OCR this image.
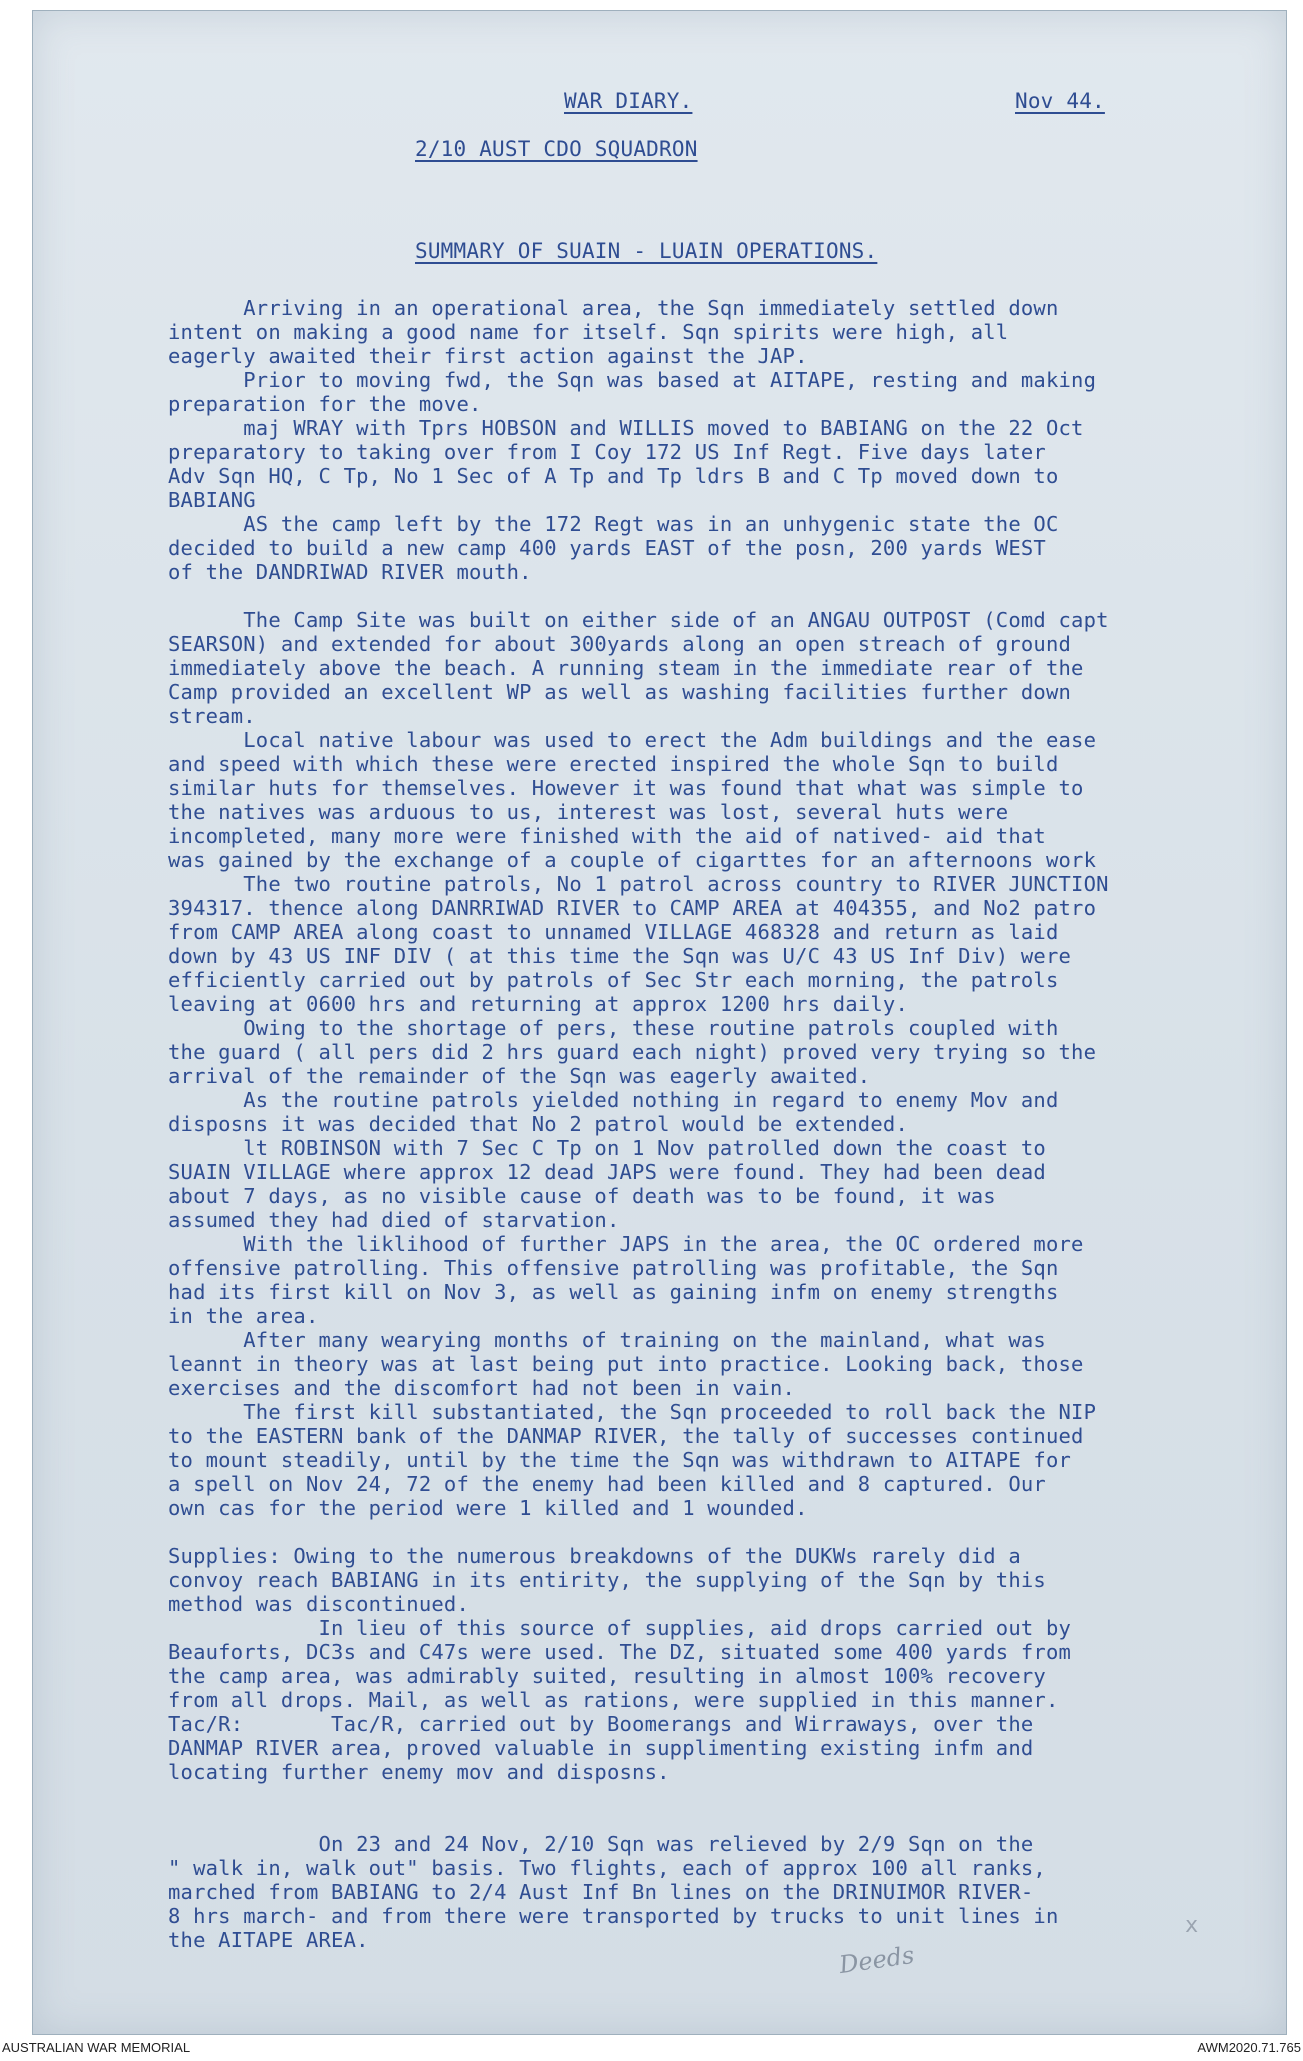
WAR DIARY.	Nov 44.
2/10 AUST CDO SQUADRON
SUMMARY OF SUAIN - LUAIN OPERATIONS.
Arriving in an operational area, the Sqn immediately settled down
intent on making a good name for itself. Sqn spirits were high, all
eagerly awaited their first action against the JAP.
Prior to moving fwd, the Sqn was based at AITAPE, resting and making
preparation for the move.
maj WRAY with Tprs HOBSON and WILLIS moved to BABIANG on the 22 Oct
preparatory to taking over from I Coy 172 US Inf Regt. Five days later
Adv Sqn HQ, C Tp, No 1 Sec of A Tp and Tp ldrs B and C Tp moved down to
BABIANG
AS the camp left by the 172 Regt was in an unhygenic state the OC
decided to build a new camp 400 yards EAST of the posn, 200 yards WEST
of the DANDRIWAD RIVER mouth.
The Camp Site was built on either side of an ANGAU OUTPOST (Comd capt
SEARSON) and extended for about 300yards along an open streach of ground
immediately above the beach. A running steam in the immediate rear of the
Camp provided an excellent WP as well as washing facilities further down
stream.
Local native labour was used to erect the Adm buildings and the ease
and speed with which these were erected inspired the whole Sqn to build
similar huts for themselves. However it was found that what was simple to
the natives was arduous to us, interest was lost, several huts were
incompleted, many more were finished with the aid of natived- aid that
was gained by the exchange of a couple of cigarttes for an afternoons work
The two routine patrols, No 1 patrol across country to RIVER JUNCTION
394317. thence along DANRRIWAD RIVER to CAMP AREA at 404355, and No2 patro
from CAMP AREA along coast to unnamed VILLAGE 468328 and return as laid
down by 43 US INF DIV ( at this time the Sqn was U/C 43 US Inf Div) were
efficiently carried out by patrols of Sec Str each morning, the patrols
leaving at 0600 hrs and returning at approx 1200 hrs daily.
Owing to the shortage of pers, these routine patrols coupled with
the guard ( all pers did 2 hrs guard each night) proved very trying so the
arrival of the remainder of the Sqn was eagerly awaited.
As the routine patrols yielded nothing in regard to enemy Mov and
disposns it was decided that No 2 patrol would be extended.
lt ROBINSON with 7 Sec C Tp on 1 Nov patrolled down the coast to
SUAIN VILLAGE where approx 12 dead JAPS were found. They had been dead
about 7 days, as no visible cause of death was to be found, it was
assumed they had died of starvation.
With the liklihood of further JAPS in the area, the OC ordered more
offensive patrolling. This offensive patrolling was profitable, the Sqn
had its first kill on Nov 3, as well as gaining infm on enemy strengths
in the area.
After many wearying months of training on the mainland, what was
leannt in theory was at last being put into practice. Looking back, those
exercises and the discomfort had not been in vain.
The first kill substantiated, the Sqn proceeded to roll back the NIP
to the EASTERN bank of the DANMAP RIVER, the tally of successes continued
to mount steadily, until by the time the Sqn was withdrawn to AITAPE for
a spell on Nov 24, 72 of the enemy had been killed and 8 captured. Our
own cas for the period were 1 killed and 1 wounded.
Supplies: Owing to the numerous breakdowns of the DUKWs rarely did a
convoy reach BABIANG in its entirity, the supplying of the Sqn by this
method was discontinued.
In lieu of this source of supplies, aid drops carried out by
Beauforts, DC3s and C47s were used. The DZ, situated some 400 yards from
the camp area, was admirably suited, resulting in almost 100% recovery
from all drops. Mail, as well as rations, were supplied in this manner.
Tac/R:       Tac/R, carried out by Boomerangs and Wirraways, over the
DANMAP RIVER area, proved valuable in supplimenting existing infm and
locating further enemy mov and disposns.
On 23 and 24 Nov, 2/10 Sqn was relieved by 2/9 Sqn on the
" walk in, walk out" basis. Two flights, each of approx 100 all ranks,
marched from BABIANG to 2/4 Aust Inf Bn lines on the DRINUIMOR RIVER-
8 hrs march- and from there were transported by trucks to unit lines in
the AITAPE AREA.
Deeds
x
AUSTRALIAN WAR MEMORIAL	AWM2020.71.765
